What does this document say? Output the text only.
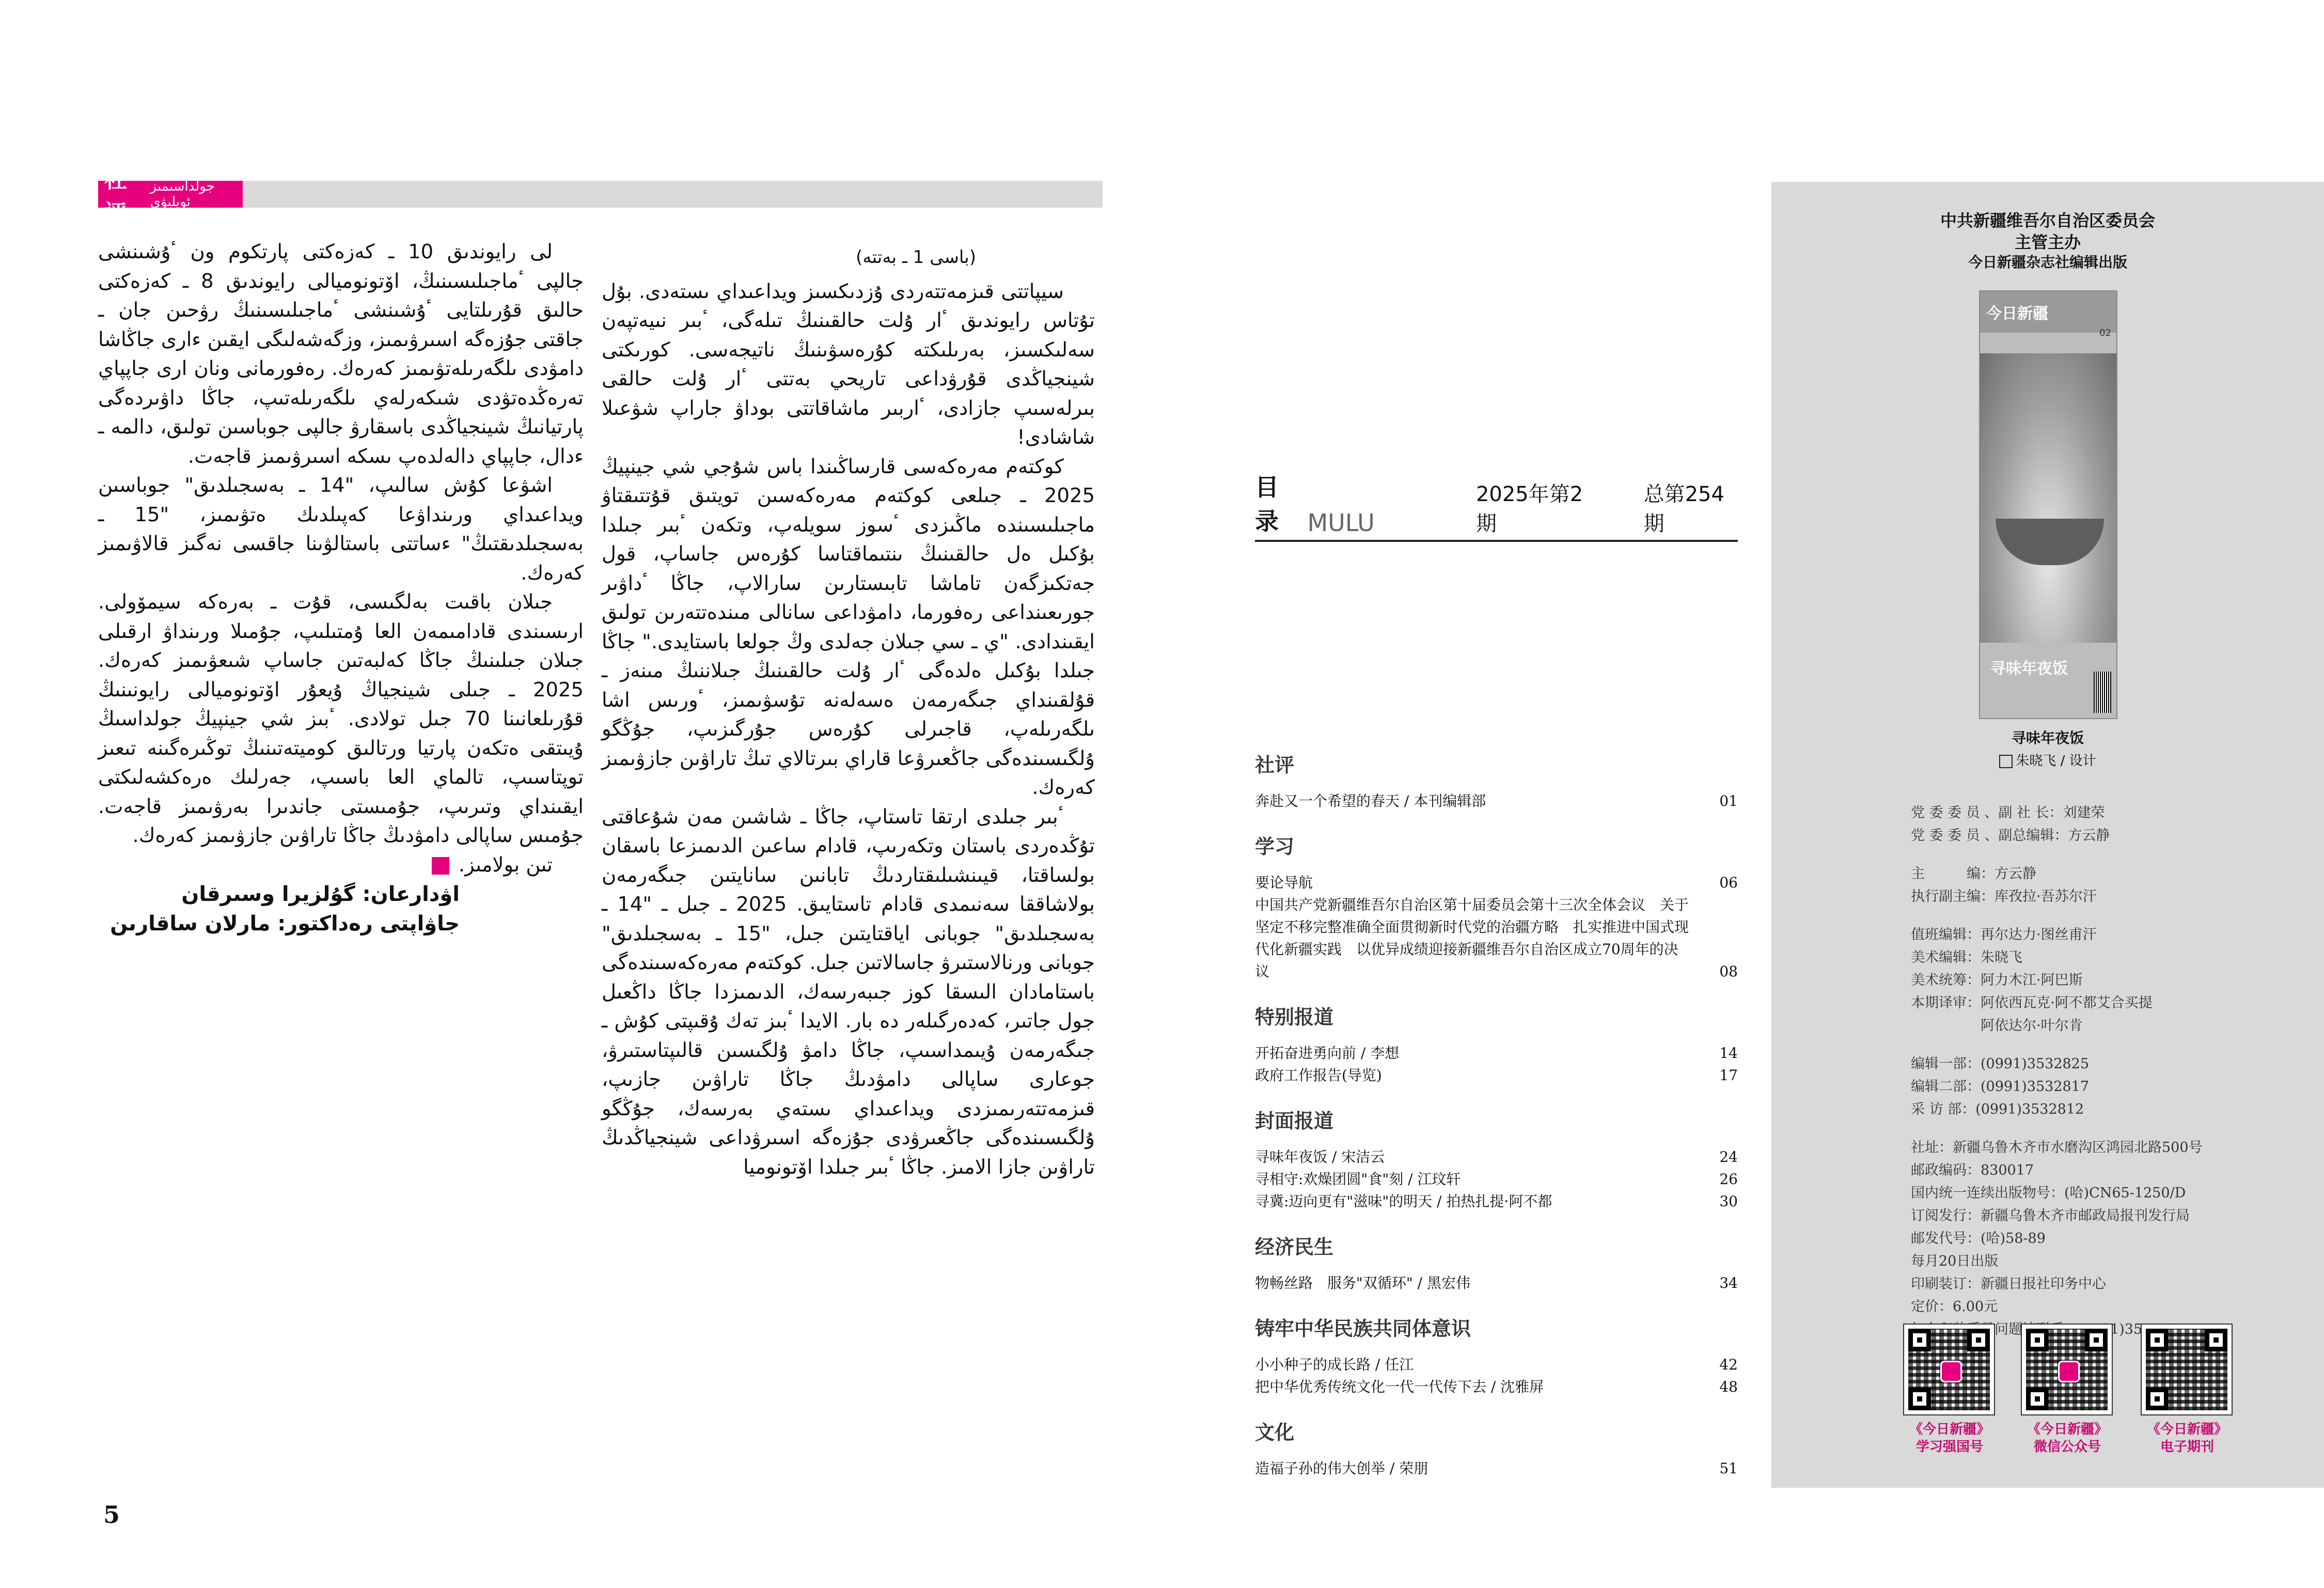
社评
جولداسىمىز ئويلىۋى

لى رايوندىق 10 ـ كەزەكتى پارتكوم ون ٴۇشىنشى جالپى ٴماجىلىسىنىڭ، اۆتونوميالى رايوندىق 8 ـ كەزەكتى حالىق قۇرىلتايى ٴۇشىنشى ٴماجىلىسىنىڭ رۋحىن جان ـ جاقتى جۇزەگە اسىرۋىمىز، وزگەشەلىگى ايقىن ءارى جاڭاشا دامۋدى ىلگەرىلەتۋىمىز كەرەك. رەفورمانى ونان ارى جاپپاي تەرەڭدەتۋدى شىكەرلەي ىلگەرىلەتىپ، جاڭا داۋىردەگى پارتيانىڭ شينجياڭدى باسقارۋ جالپى جوباسىن تولىق، دالمە ـ ءدال، جاپپاي دالەلدەپ ىسكە اسىرۋىمىز قاجەت.

اشۋعا كۇش سالىپ، "14 ـ بەسجىلدىق" جوباسىن ويداعىداي ورىنداۋعا كەپىلدىك ەتۋىمىز، "15 ـ بەسجىلدىقتىڭ" ءساتتى باستالۋىنا جاقسى نەگىز قالاۋىمىز كەرەك.

جىلان باقىت بەلگىسى، قۇت ـ بەرەكە سيمۆولى. ارىسىندى قادامىمەن العا ۇمتىلىپ، جۇمىلا ورىنداۋ ارقىلى جىلان جىلىنىڭ جاڭا كەلبەتىن جاساپ شىعۋىمىز كەرەك. 2025 ـ جىلى شينجياڭ ۇيعۇر اۆتونوميالى رايونىنىڭ قۇرىلعانىنا 70 جىل تولادى. ٴبىز شي جينپيڭ جولداسىڭ ۇيىتقى ەتكەن پارتيا ورتالىق كوميتەتىنىڭ توڭىرەگىنە تىعىز توپتاسىپ، تالماي العا باسىپ، جەرلىك ەرەكشەلىكتى ايقىنداي وتىرىپ، جۇمىستى جاندىرا بەرۋىمىز قاجەت. جۇمىس ساپالى دامۋدىڭ جاڭا تاراۋىن جازۋىمىز كەرەك.

تىن بولامىز.

اۋدارعان: گۇلزيرا وسىرقان

جاۋاپتى رەداكتور: مارلان ساقارىن

(باسى 1 ـ بەتتە)

سيپاتتى قىزمەتتەردى ۇزدىكسىز ويداعىداي ىستەدى. بۇل تۇتاس رايوندىق ٴار ۇلت حالقىنىڭ تىلەگى، ٴبىر نىيەتپەن سەلىكسىز، بەرىلىكتە كۇرەسۋىنىڭ ناتيجەسى. كورىكتى شينجياڭدى قۇرۋداعى تاريحي بەتتى ٴار ۇلت حالقى بىرلەسىپ جازادى، ٴاربىر ماشاقاتتى بوداۋ جاراپ شۋعىلا شاشادى!

كوكتەم مەرەكەسى قارساڭىندا باس شۇجي شي جينپيڭ 2025 ـ جىلعى كوكتەم مەرەكەسىن تويتىق قۇتتىقتاۋ ماجىلىسىندە ماڭىزدى ٴسوز سويلەپ، وتكەن ٴبىر جىلدا بۇكىل ەل حالقىنىڭ ىنتىماقتاسا كۇرەس جاساپ، قول جەتكىزگەن تاماشا تابىستارىن سارالاپ، جاڭا ٴداۋىر جورىعىنداعى رەفورما، دامۋداعى سانالى مىندەتتەرىن تولىق ايقىندادى. "ي ـ سي جىلان جەلدى وڭ جولعا باستايدى." جاڭا جىلدا بۇكىل ەلدەگى ٴار ۇلت حالقىنىڭ جىلاننىڭ مىنەز ـ قۇلقىنداي جىگەرمەن ەسەلەنە تۇسۋىمىز، ٴورىس اشا ىلگەرىلەپ، قاجىرلى كۇرەس جۇرگىزىپ، جۇڭگو ۇلگىسىندەگى جاڭعىرۋعا قاراي بىرتالاي تىڭ تاراۋىن جازۋىمىز كەرەك.

ٴبىر جىلدى ارتقا تاستاپ، جاڭا ـ شاشىن مەن شۇعاقتى تۇڭدەردى باستان وتكەرىپ، قادام ساعىن الدىمىزعا باسقان بولساقتا، قيىنشىلىقتاردىڭ تابانىن سانايتىن جىگەرمەن بولاشاققا سەنىمدى قادام تاستايىق. 2025 ـ جىل ـ "14 ـ بەسجىلدىق" جوبانى اياقتايتىن جىل، "15 ـ بەسجىلدىق" جوبانى ورنالاستىرۋ جاسالاتىن جىل. كوكتەم مەرەكەسىندەگى باستامادان الىسقا كوز جىبەرسەك، الدىمىزدا جاڭا داڭعىل جول جاتىر، كەدەرگىلەر دە بار. الايدا ٴبىز تەك ۇقىپتى كۇش ـ جىگەرمەن ۇيىمداسىپ، جاڭا دامۋ ۇلگىسىن قالىپتاستىرۋ، جوعارى ساپالى دامۋدىڭ جاڭا تاراۋىن جازىپ، قىزمەتتەرىمىزدى ويداعىداي ىستەي بەرسەك، جۇڭگو ۇلگىسىندەگى جاڭعىرۋدى جۇزەگە اسىرۋداعى شينجياڭدىڭ تاراۋىن جازا الامىز. جاڭا ٴبىر جىلدا اۆتونوميا

5
目录	MULU
2025年第2期
总第254期
社评
奔赴又一个希望的春天 / 本刊编辑部	01
学习
要论导航	06
中国共产党新疆维吾尔自治区第十届委员会第十三次全体会议　关于坚定不移完整准确全面贯彻新时代党的治疆方略　扎实推进中国式现代化新疆实践　以优异成绩迎接新疆维吾尔自治区成立70周年的决议	08
特别报道
开拓奋进勇向前 / 李想	14
政府工作报告(导览)	17
封面报道
寻味年夜饭 / 宋洁云	24
寻相守:欢燥团圆"食"刻 / 江玟轩	26
寻冀:迈向更有"滋味"的明天 / 拍热扎提·阿不都	30
经济民生
物畅丝路　服务"双循环" / 黑宏伟	34
铸牢中华民族共同体意识
小小种子的成长路 / 任江	42
把中华优秀传统文化一代一代传下去 / 沈雅屏	48
文化
造福子孙的伟大创举 / 荣朋	51
中共新疆维吾尔自治区委员会
主管主办
今日新疆杂志社编辑出版
今日新疆
02
寻味年夜饭
寻味年夜饭
朱晓飞 / 设计
党 委 委 员 、副 社 长：刘建荣
党 委 委 员 、副总编辑：方云静
主　　　编：方云静
执行副主编：库孜拉·吾苏尔汗
值班编辑：再尔达力·图丝甫汗
美术编辑：朱晓飞
美术统筹：阿力木江·阿巴斯
本期译审：阿依西瓦克·阿不都艾合买提
　　　　　阿依达尔·叶尔肯
编辑一部：(0991)3532825
编辑二部：(0991)3532817
采 访 部：(0991)3532812
社址：新疆乌鲁木齐市水磨沟区鸿园北路500号
邮政编码：830017
国内统一连续出版物号：(哈)CN65-1250/D
订阅发行：新疆乌鲁木齐市邮政局报刊发行局
邮发代号：(哈)58-89
每月20日出版
印刷装订：新疆日报社印务中心
定价：6.00元
《今日新疆》
学习强国号
《今日新疆》
微信公众号
《今日新疆》
电子期刊
